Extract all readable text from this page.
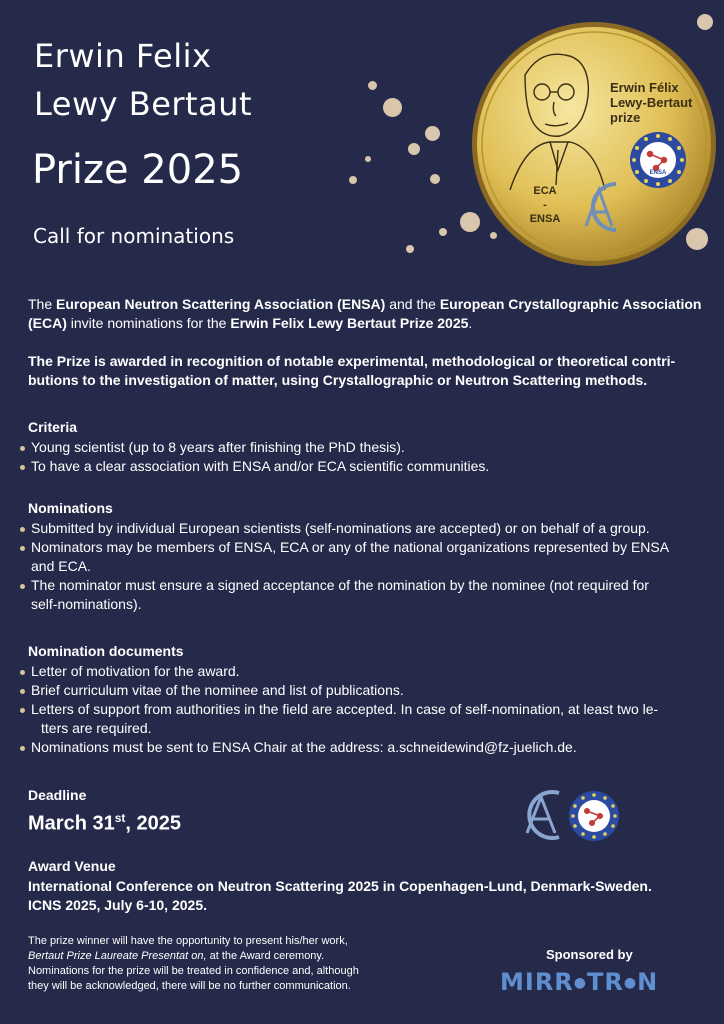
Erwin Felix
Lewy Bertaut
Prize 2025
Call for nominations
Erwin Félix
Lewy-Bertaut
prize
ECA
-
ENSA
ENSA
The European Neutron Scattering Association (ENSA) and the European Crystallographic Association
(ECA) invite nominations for the Erwin Felix Lewy Bertaut Prize 2025.
The Prize is awarded in recognition of notable experimental, methodological or theoretical contri-
butions to the investigation of matter, using Crystallographic or Neutron Scattering methods.
Criteria
Young scientist (up to 8 years after finishing the PhD thesis).
To have a clear association with ENSA and/or ECA scientific communities.
Nominations
Submitted by individual European scientists (self-nominations are accepted) or on behalf of a group.
Nominators may be members of ENSA, ECA or any of the national organizations represented by ENSA
and ECA.
The nominator must ensure a signed acceptance of the nomination by the nominee (not required for
self-nominations).
Nomination documents
Letter of motivation for the award.
Brief curriculum vitae of the nominee and list of publications.
Letters of support from authorities in the field are accepted. In case of self-nomination, at least two le-
tters are required.
Nominations must be sent to ENSA Chair at the address: a.schneidewind@fz-juelich.de.
Deadline
March 31st, 2025
Award Venue
International Conference on Neutron Scattering 2025 in Copenhagen-Lund, Denmark-Sweden.
ICNS 2025, July 6-10, 2025.
The prize winner will have the opportunity to present his/her work,
Bertaut Prize Laureate Presentat on, at the Award ceremony.
Nominations for the prize will be treated in confidence and, although
they will be acknowledged, there will be no further communication.
Sponsored by
MIRR●TR●N
